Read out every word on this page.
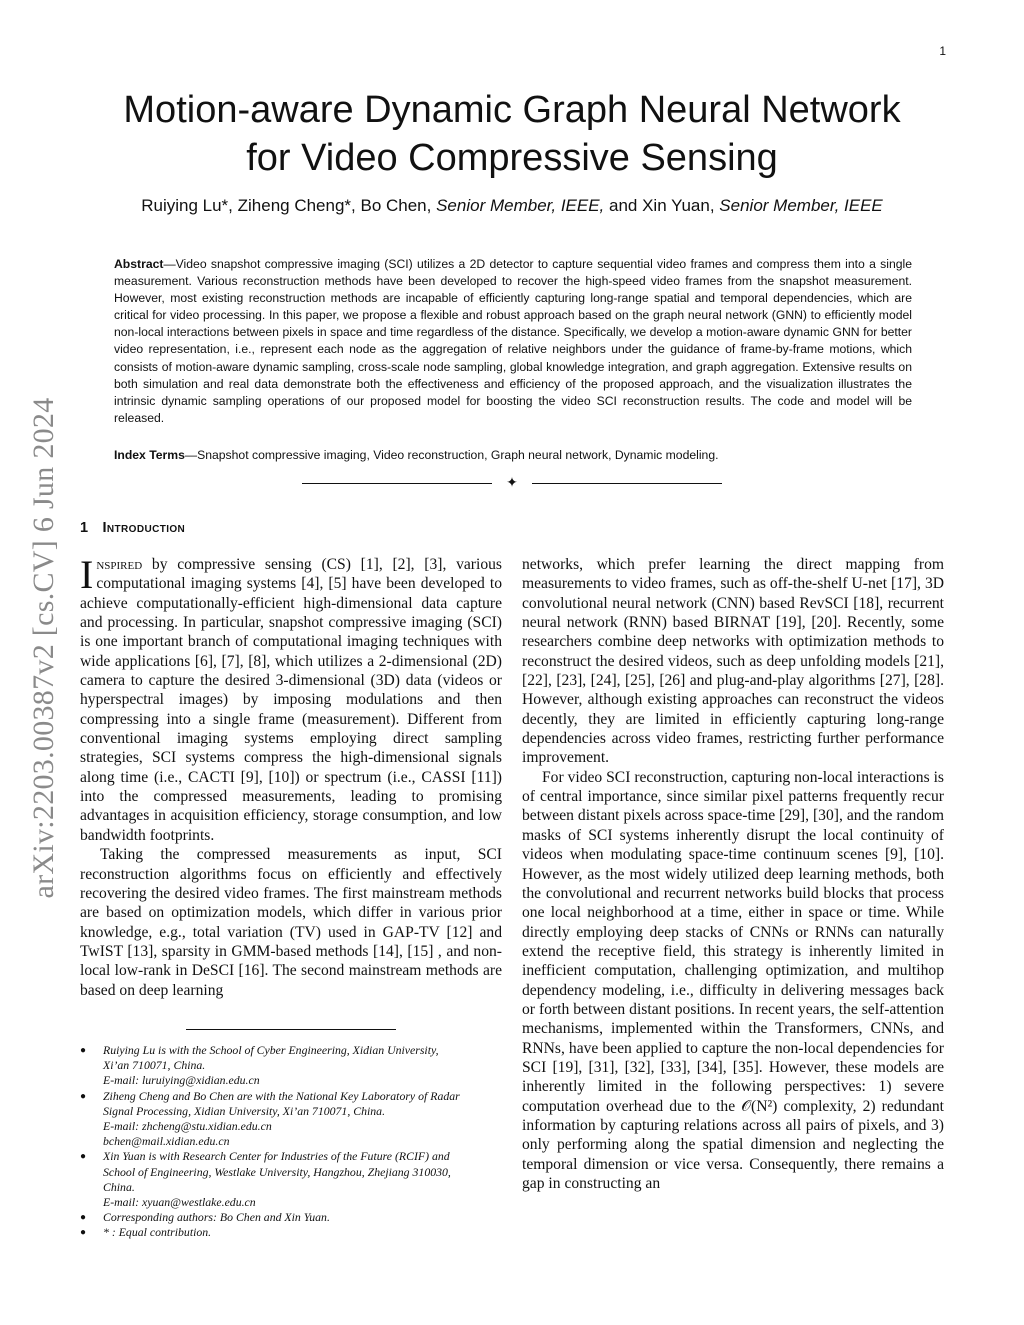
1
arXiv:2203.00387v2 [cs.CV] 6 Jun 2024
Motion-aware Dynamic Graph Neural Network
for Video Compressive Sensing
Ruiying Lu*, Ziheng Cheng*, Bo Chen, Senior Member, IEEE, and Xin Yuan, Senior Member, IEEE
Abstract—Video snapshot compressive imaging (SCI) utilizes a 2D detector to capture sequential video frames and compress them into a single measurement. Various reconstruction methods have been developed to recover the high-speed video frames from the snapshot measurement. However, most existing reconstruction methods are incapable of efficiently capturing long-range spatial and temporal dependencies, which are critical for video processing. In this paper, we propose a flexible and robust approach based on the graph neural network (GNN) to efficiently model non-local interactions between pixels in space and time regardless of the distance. Specifically, we develop a motion-aware dynamic GNN for better video representation, i.e., represent each node as the aggregation of relative neighbors under the guidance of frame-by-frame motions, which consists of motion-aware dynamic sampling, cross-scale node sampling, global knowledge integration, and graph aggregation. Extensive results on both simulation and real data demonstrate both the effectiveness and efficiency of the proposed approach, and the visualization illustrates the intrinsic dynamic sampling operations of our proposed model for boosting the video SCI reconstruction results. The code and model will be released.
Index Terms—Snapshot compressive imaging, Video reconstruction, Graph neural network, Dynamic modeling.
✦
1 Introduction

Inspired by compressive sensing (CS) [1], [2], [3], various computational imaging systems [4], [5] have been developed to achieve computationally-efficient high-dimensional data capture and processing. In particular, snapshot compressive imaging (SCI) is one important branch of computational imaging techniques with wide applications [6], [7], [8], which utilizes a 2-dimensional (2D) camera to capture the desired 3-dimensional (3D) data (videos or hyperspectral images) by imposing modulations and then compressing into a single frame (measurement). Different from conventional imaging systems employing direct sampling strategies, SCI systems compress the high-dimensional signals along time (i.e., CACTI [9], [10]) or spectrum (i.e., CASSI [11]) into the compressed measurements, leading to promising advantages in acquisition efficiency, storage consumption, and low bandwidth footprints.

Taking the compressed measurements as input, SCI reconstruction algorithms focus on efficiently and effectively recovering the desired video frames. The first mainstream methods are based on optimization models, which differ in various prior knowledge, e.g., total variation (TV) used in GAP-TV [12] and TwIST [13], sparsity in GMM-based methods [14], [15] , and non-local low-rank in DeSCI [16]. The second mainstream methods are based on deep learning

networks, which prefer learning the direct mapping from measurements to video frames, such as off-the-shelf U-net [17], 3D convolutional neural network (CNN) based RevSCI [18], recurrent neural network (RNN) based BIRNAT [19], [20]. Recently, some researchers combine deep networks with optimization methods to reconstruct the desired videos, such as deep unfolding models [21], [22], [23], [24], [25], [26] and plug-and-play algorithms [27], [28]. However, although existing approaches can reconstruct the videos decently, they are limited in efficiently capturing long-range dependencies across video frames, restricting further performance improvement.

For video SCI reconstruction, capturing non-local interactions is of central importance, since similar pixel patterns frequently recur between distant pixels across space-time [29], [30], and the random masks of SCI systems inherently disrupt the local continuity of videos when modulating space-time continuum scenes [9], [10]. However, as the most widely utilized deep learning methods, both the convolutional and recurrent networks build blocks that process one local neighborhood at a time, either in space or time. While directly employing deep stacks of CNNs or RNNs can naturally extend the receptive field, this strategy is inherently limited in inefficient computation, challenging optimization, and multihop dependency modeling, i.e., difficulty in delivering messages back or forth between distant positions. In recent years, the self-attention mechanisms, implemented within the Transformers, CNNs, and RNNs, have been applied to capture the non-local dependencies for SCI [19], [31], [32], [33], [34], [35]. However, these models are inherently limited in the following perspectives: 1) severe computation overhead due to the 𝒪(N²) complexity, 2) redundant information by capturing relations across all pairs of pixels, and 3) only performing along the spatial dimension and neglecting the temporal dimension or vice versa. Consequently, there remains a gap in constructing an

● Ruiying Lu is with the School of Cyber Engineering, Xidian University,
Xi’an 710071, China.
E-mail: luruiying@xidian.edu.cn
● Ziheng Cheng and Bo Chen are with the National Key Laboratory of Radar
Signal Processing, Xidian University, Xi’an 710071, China.
E-mail: zhcheng@stu.xidian.edu.cn
bchen@mail.xidian.edu.cn
● Xin Yuan is with Research Center for Industries of the Future (RCIF) and
School of Engineering, Westlake University, Hangzhou, Zhejiang 310030,
China.
E-mail: xyuan@westlake.edu.cn
● Corresponding authors: Bo Chen and Xin Yuan.
● * : Equal contribution.
